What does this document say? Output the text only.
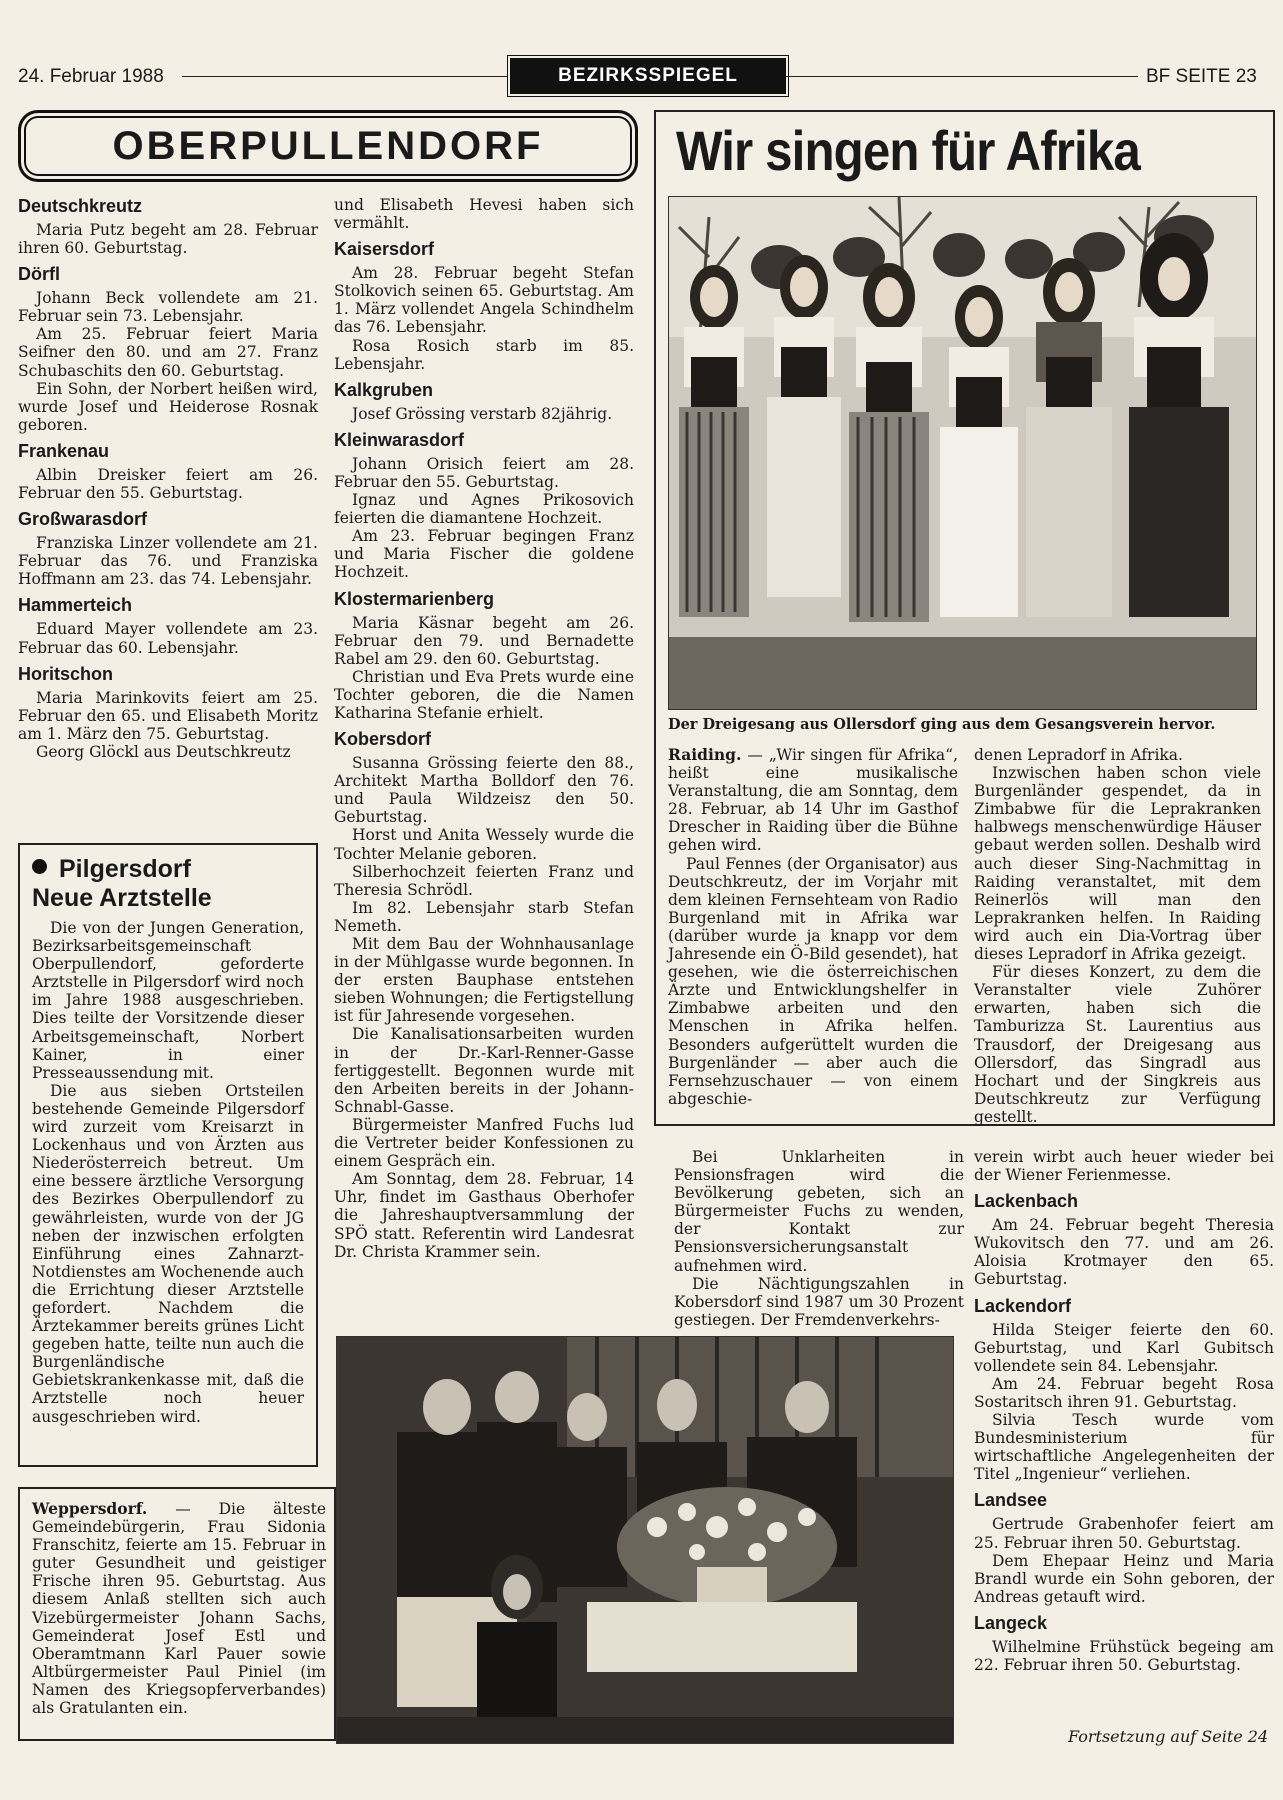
24. Februar 1988	BEZIRKSSPIEGEL	BF SEITE 23
OBERPULLENDORF
Deutschkreutz

Maria Putz begeht am 28. Februar ihren 60. Geburtstag.

Dörfl

Johann Beck vollendete am 21. Februar sein 73. Lebensjahr.

Am 25. Februar feiert Maria Seifner den 80. und am 27. Franz Schubaschits den 60. Geburtstag.

Ein Sohn, der Norbert heißen wird, wurde Josef und Heiderose Rosnak geboren.

Frankenau

Albin Dreisker feiert am 26. Februar den 55. Geburtstag.

Großwarasdorf

Franziska Linzer vollendete am 21. Februar das 76. und Franziska Hoffmann am 23. das 74. Lebensjahr.

Hammerteich

Eduard Mayer vollendete am 23. Februar das 60. Lebensjahr.

Horitschon

Maria Marinkovits feiert am 25. Februar den 65. und Elisabeth Moritz am 1. März den 75. Geburtstag.

Georg Glöckl aus Deutschkreutz

und Elisabeth Hevesi haben sich vermählt.

Kaisersdorf

Am 28. Februar begeht Stefan Stolkovich seinen 65. Geburtstag. Am 1. März vollendet Angela Schindhelm das 76. Lebensjahr.

Rosa Rosich starb im 85. Lebensjahr.

Kalkgruben

Josef Grössing verstarb 82jährig.

Kleinwarasdorf

Johann Orisich feiert am 28. Februar den 55. Geburtstag.

Ignaz und Agnes Prikosovich feierten die diamantene Hochzeit.

Am 23. Februar begingen Franz und Maria Fischer die goldene Hochzeit.

Klostermarienberg

Maria Käsnar begeht am 26. Februar den 79. und Bernadette Rabel am 29. den 60. Geburtstag.

Christian und Eva Prets wurde eine Tochter geboren, die die Namen Katharina Stefanie erhielt.

Kobersdorf

Susanna Grössing feierte den 88., Architekt Martha Bolldorf den 76. und Paula Wildzeisz den 50. Geburtstag.

Horst und Anita Wessely wurde die Tochter Melanie geboren.

Silberhochzeit feierten Franz und Theresia Schrödl.

Im 82. Lebensjahr starb Stefan Nemeth.

Mit dem Bau der Wohnhausanlage in der Mühlgasse wurde begonnen. In der ersten Bauphase entstehen sieben Wohnungen; die Fertigstellung ist für Jahresende vorgesehen.

Die Kanalisationsarbeiten wurden in der Dr.-Karl-Renner-Gasse fertiggestellt. Begonnen wurde mit den Arbeiten bereits in der Johann-Schnabl-Gasse.

Bürgermeister Manfred Fuchs lud die Vertreter beider Konfessionen zu einem Gespräch ein.

Am Sonntag, dem 28. Februar, 14 Uhr, findet im Gasthaus Oberhofer die Jahreshauptversammlung der SPÖ statt. Referentin wird Landesrat Dr. Christa Krammer sein.

Pilgersdorf
Neue Arztstelle

Die von der Jungen Generation, Bezirksarbeitsgemeinschaft Oberpullendorf, geforderte Arztstelle in Pilgersdorf wird noch im Jahre 1988 ausgeschrieben. Dies teilte der Vorsitzende dieser Arbeitsgemeinschaft, Norbert Kainer, in einer Presseaussendung mit.

Die aus sieben Ortsteilen bestehende Gemeinde Pilgersdorf wird zurzeit vom Kreisarzt in Lockenhaus und von Ärzten aus Niederösterreich betreut. Um eine bessere ärztliche Versorgung des Bezirkes Oberpullendorf zu gewährleisten, wurde von der JG neben der inzwischen erfolgten Einführung eines Zahnarzt-Notdienstes am Wochenende auch die Errichtung dieser Arztstelle gefordert. Nachdem die Ärztekammer bereits grünes Licht gegeben hatte, teilte nun auch die Burgenländische Gebietskrankenkasse mit, daß die Arztstelle noch heuer ausgeschrieben wird.

Weppersdorf. — Die älteste Gemeindebürgerin, Frau Sidonia Franschitz, feierte am 15. Februar in guter Gesundheit und geistiger Frische ihren 95. Geburtstag. Aus diesem Anlaß stellten sich auch Vizebürgermeister Johann Sachs, Gemeinderat Josef Estl und Oberamtmann Karl Pauer sowie Altbürgermeister Paul Piniel (im Namen des Kriegsopferverbandes) als Gratulanten ein.

Wir singen für Afrika
Der Dreigesang aus Ollersdorf ging aus dem Gesangsverein hervor.

Raiding. — „Wir singen für Afrika“, heißt eine musikalische Veranstaltung, die am Sonntag, dem 28. Februar, ab 14 Uhr im Gasthof Drescher in Raiding über die Bühne gehen wird.

Paul Fennes (der Organisator) aus Deutschkreutz, der im Vorjahr mit dem kleinen Fernsehteam von Radio Burgenland mit in Afrika war (darüber wurde ja knapp vor dem Jahresende ein Ö-Bild gesendet), hat gesehen, wie die österreichischen Ärzte und Entwicklungshelfer in Zimbabwe arbeiten und den Menschen in Afrika helfen. Besonders aufgerüttelt wurden die Burgenländer — aber auch die Fernsehzuschauer — von einem abgeschie-

denen Lepradorf in Afrika.

Inzwischen haben schon viele Burgenländer gespendet, da in Zimbabwe für die Leprakranken halbwegs menschenwürdige Häuser gebaut werden sollen. Deshalb wird auch dieser Sing-Nachmittag in Raiding veranstaltet, mit dem Reinerlös will man den Leprakranken helfen. In Raiding wird auch ein Dia-Vortrag über dieses Lepradorf in Afrika gezeigt.

Für dieses Konzert, zu dem die Veranstalter viele Zuhörer erwarten, haben sich die Tamburizza St. Laurentius aus Trausdorf, der Dreigesang aus Ollersdorf, das Singradl aus Hochart und der Singkreis aus Deutschkreutz zur Verfügung gestellt.

Bei Unklarheiten in Pensionsfragen wird die Bevölkerung gebeten, sich an Bürgermeister Fuchs zu wenden, der Kontakt zur Pensionsversicherungsanstalt aufnehmen wird.

Die Nächtigungszahlen in Kobersdorf sind 1987 um 30 Prozent gestiegen. Der Fremdenverkehrs-

verein wirbt auch heuer wieder bei der Wiener Ferienmesse.

Lackenbach

Am 24. Februar begeht Theresia Wukovitsch den 77. und am 26. Aloisia Krotmayer den 65. Geburtstag.

Lackendorf

Hilda Steiger feierte den 60. Geburtstag, und Karl Gubitsch vollendete sein 84. Lebensjahr.

Am 24. Februar begeht Rosa Sostaritsch ihren 91. Geburtstag.

Silvia Tesch wurde vom Bundesministerium für wirtschaftliche Angelegenheiten der Titel „Ingenieur“ verliehen.

Landsee

Gertrude Grabenhofer feiert am 25. Februar ihren 50. Geburtstag.

Dem Ehepaar Heinz und Maria Brandl wurde ein Sohn geboren, der Andreas getauft wird.

Langeck

Wilhelmine Frühstück begeing am 22. Februar ihren 50. Geburtstag.

Fortsetzung auf Seite 24
